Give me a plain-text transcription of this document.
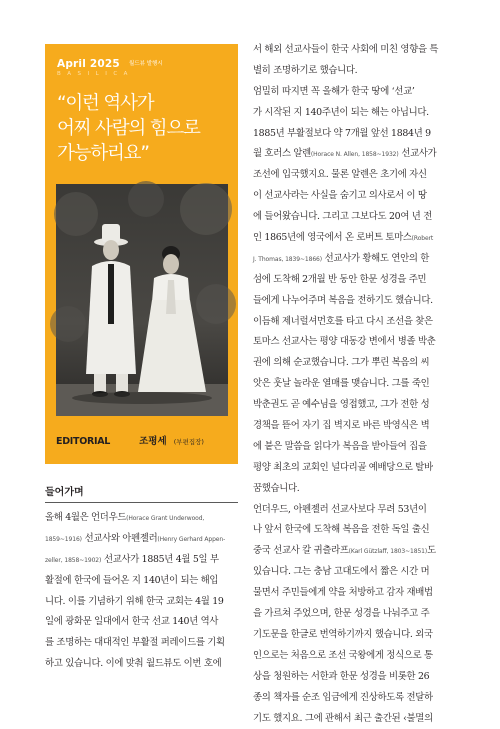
April 2025 월드뷰 발행시
BASILICA
“이런 역사가
어찌 사람의 힘으로
가능하리요”
EDITORIAL	조평세 (부편집장)
들어가며
올해 4월은 언더우드(Horace Grant Underwood,
1859~1916) 선교사와 아펜젤러(Henry Gerhard Appen-
zeller, 1858~1902) 선교사가 1885년 4월 5일 부
활절에 한국에 들어온 지 140년이 되는 해입
니다. 이를 기념하기 위해 한국 교회는 4월 19
일에 광화문 일대에서 한국 선교 140년 역사
를 조명하는 대대적인 부활절 퍼레이드를 기획
하고 있습니다. 이에 맞춰 월드뷰도 이번 호에
서 해외 선교사들이 한국 사회에 미친 영향을 특
별히 조명하기로 했습니다.
엄밀히 따지면 꼭 올해가 한국 땅에 ‘선교’
가 시작된 지 140주년이 되는 해는 아닙니다.
1885년 부활절보다 약 7개월 앞선 1884년 9
월 호러스 알렌(Horace N. Allen, 1858~1932) 선교사가
조선에 입국했지요. 물론 알렌은 초기에 자신
이 선교사라는 사실을 숨기고 의사로서 이 땅
에 들어왔습니다. 그리고 그보다도 20여 년 전
인 1865년에 영국에서 온 로버트 토마스(Robert
J. Thomas, 1839~1866) 선교사가 황해도 연안의 한
섬에 도착해 2개월 반 동안 한문 성경을 주민
들에게 나누어주며 복음을 전하기도 했습니다.
이듬해 제너럴셔먼호를 타고 다시 조선을 찾은
토마스 선교사는 평양 대동강 변에서 병졸 박춘
권에 의해 순교했습니다. 그가 뿌린 복음의 씨
앗은 훗날 놀라운 열매를 맺습니다. 그를 죽인
박춘권도 곧 예수님을 영접했고, 그가 전한 성
경책을 뜯어 자기 집 벽지로 바른 박영식은 벽
에 붙은 말씀을 읽다가 복음을 받아들여 집을
평양 최초의 교회인 널다리골 예배당으로 탈바
꿈했습니다.
언더우드, 아펜젤러 선교사보다 무려 53년이
나 앞서 한국에 도착해 복음을 전한 독일 출신
중국 선교사 칼 귀츨라프(Karl Gützlaff, 1803~1851)도
있습니다. 그는 충남 고대도에서 짧은 시간 머
물면서 주민들에게 약을 처방하고 감자 재배법
을 가르쳐 주었으며, 한문 성경을 나눠주고 주
기도문을 한글로 번역하기까지 했습니다. 외국
인으로는 처음으로 조선 국왕에게 정식으로 통
상을 청원하는 서한과 한문 성경을 비롯한 26
종의 책자를 순조 임금에게 진상하도록 전달하
기도 했지요. 그에 관해서 최근 출간된 ‹불멸의
